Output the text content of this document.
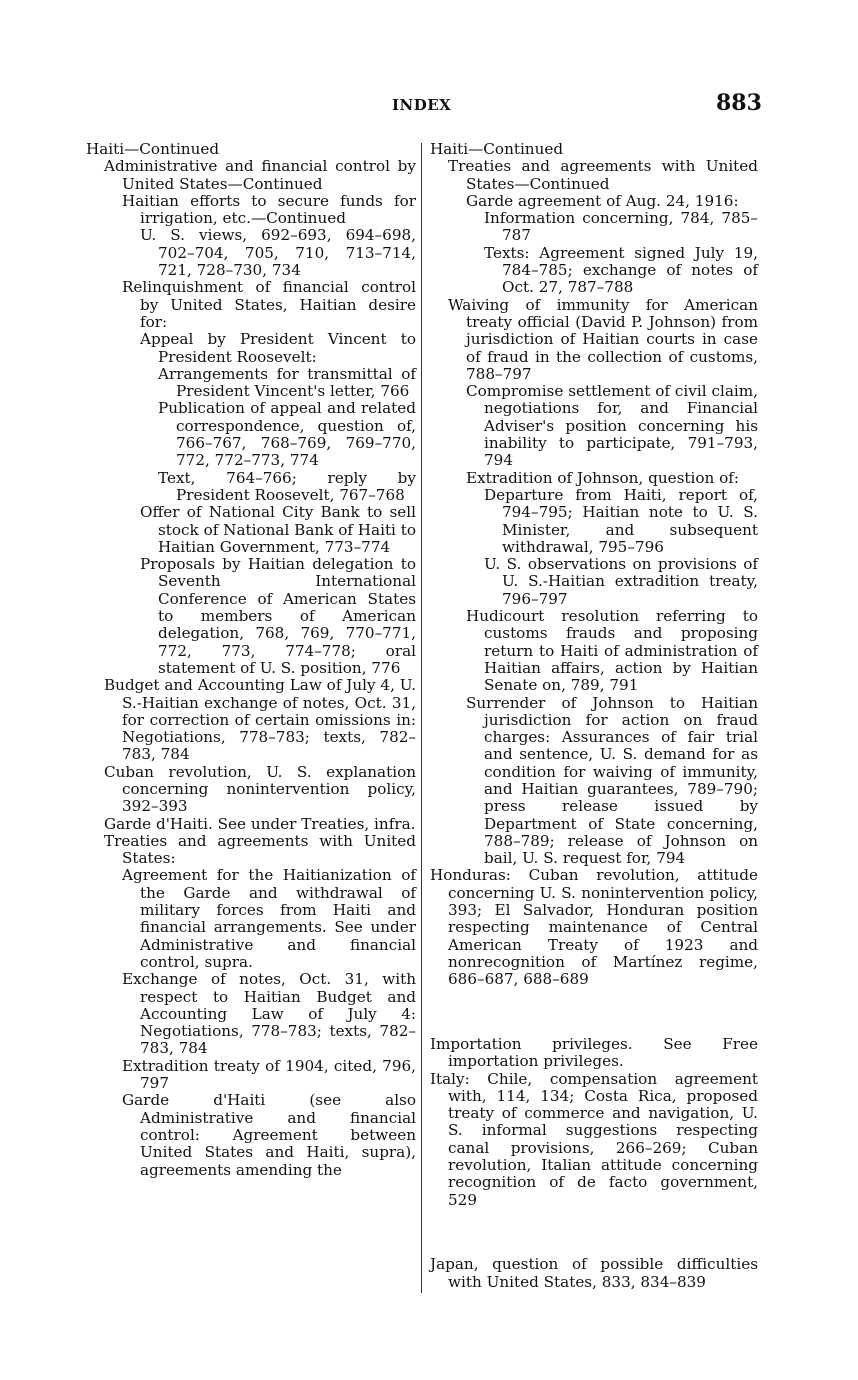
INDEX	883

Haiti—Continued

Administrative and financial control by United States—Continued

Haitian efforts to secure funds for irrigation, etc.—Continued

U. S. views, 692–693, 694–698, 702–704, 705, 710, 713–714, 721, 728–730, 734

Relinquishment of financial control by United States, Haitian desire for:

Appeal by President Vincent to President Roosevelt:

Arrangements for transmittal of President Vincent's letter, 766

Publication of appeal and related correspondence, question of, 766–767, 768–769, 769–770, 772, 772–773, 774

Text, 764–766; reply by President Roosevelt, 767–768

Offer of National City Bank to sell stock of National Bank of Haiti to Haitian Government, 773–774

Proposals by Haitian delegation to Seventh International Conference of American States to members of American delegation, 768, 769, 770–771, 772, 773, 774–778; oral statement of U. S. position, 776

Budget and Accounting Law of July 4, U. S.-Haitian exchange of notes, Oct. 31, for correction of certain omissions in: Negotiations, 778–783; texts, 782–783, 784

Cuban revolution, U. S. explanation concerning nonintervention policy, 392–393

Garde d'Haiti. See under Treaties, infra.

Treaties and agreements with United States:

Agreement for the Haitianization of the Garde and withdrawal of military forces from Haiti and financial arrangements. See under Administrative and financial control, supra.

Exchange of notes, Oct. 31, with respect to Haitian Budget and Accounting Law of July 4: Negotiations, 778–783; texts, 782–783, 784

Extradition treaty of 1904, cited, 796, 797

Garde d'Haiti (see also Administrative and financial control: Agreement between United States and Haiti, supra), agreements amending the

Haiti—Continued

Treaties and agreements with United States—Continued

Garde agreement of Aug. 24, 1916:

Information concerning, 784, 785–787

Texts: Agreement signed July 19, 784–785; exchange of notes of Oct. 27, 787–788

Waiving of immunity for American treaty official (David P. Johnson) from jurisdiction of Haitian courts in case of fraud in the collection of customs, 788–797

Compromise settlement of civil claim, negotiations for, and Financial Adviser's position concerning his inability to participate, 791–793, 794

Extradition of Johnson, question of:

Departure from Haiti, report of, 794–795; Haitian note to U. S. Minister, and subsequent withdrawal, 795–796

U. S. observations on provisions of U. S.-Haitian extradition treaty, 796–797

Hudicourt resolution referring to customs frauds and proposing return to Haiti of administration of Haitian affairs, action by Haitian Senate on, 789, 791

Surrender of Johnson to Haitian jurisdiction for action on fraud charges: Assurances of fair trial and sentence, U. S. demand for as condition for waiving of immunity, and Haitian guarantees, 789–790; press release issued by Department of State concerning, 788–789; release of Johnson on bail, U. S. request for, 794

Honduras: Cuban revolution, attitude concerning U. S. nonintervention policy, 393; El Salvador, Honduran position respecting maintenance of Central American Treaty of 1923 and nonrecognition of Martínez regime, 686–687, 688–689

Importation privileges. See Free importation privileges.

Italy: Chile, compensation agreement with, 114, 134; Costa Rica, proposed treaty of commerce and navigation, U. S. informal suggestions respecting canal provisions, 266–269; Cuban revolution, Italian attitude concerning recognition of de facto government, 529

Japan, question of possible difficulties with United States, 833, 834–839
